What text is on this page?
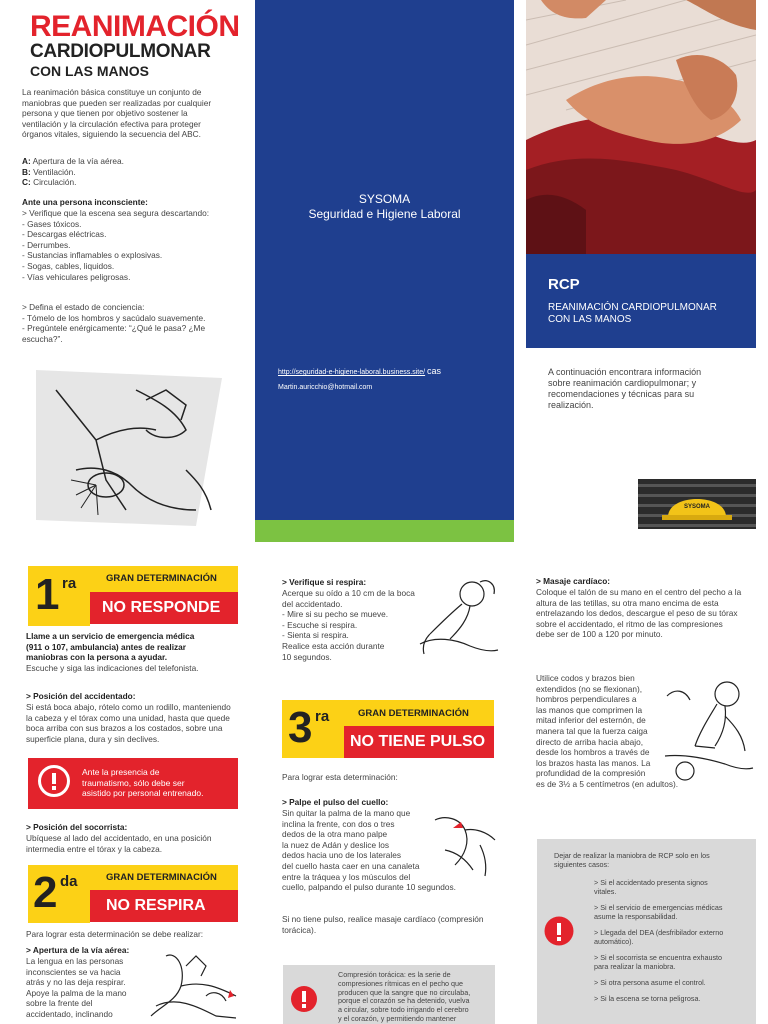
REANIMACIÓN
CARDIOPULMONAR
CON LAS MANOS
La reanimación básica constituye un conjunto de
maniobras que pueden ser realizadas por cualquier
persona y que tienen por objetivo sostener la
ventilación y la circulación efectiva para proteger
órganos vitales, siguiendo la secuencia del ABC.
A: Apertura de la vía aérea.
B: Ventilación.
C: Circulación.
Ante una persona inconsciente:
> Verifique que la escena sea segura descartando:
- Gases tóxicos.
- Descargas eléctricas.
- Derrumbes.
- Sustancias inflamables o explosivas.
- Sogas, cables, liquidos.
- Vías vehiculares peligrosas.
> Defina el estado de conciencia:
- Tómelo de los hombros y sacúdalo suavemente.
- Pregúntele enérgicamente: “¿Qué le pasa? ¿Me
escucha?”.
SYSOMA
Seguridad e Higiene Laboral
http://seguridad-e-higiene-laboral.business.site/ cas
Martin.auricchio@hotmail.com
RCP
REANIMACIÓN CARDIOPULMONAR
CON LAS MANOS
A continuación encontrara información
sobre reanimación cardiopulmonar; y
recomendaciones y técnicas para su
realización.
SYSOMA
1 ra	GRAN DETERMINACIÓN
NO RESPONDE
Llame a un servicio de emergencia médica
(911 o 107, ambulancia) antes de realizar
maniobras con la persona a ayudar.
Escuche y siga las indicaciones del telefonista.
> Posición del accidentado:
Si está boca abajo, rótelo como un rodillo, manteniendo
la cabeza y el tórax como una unidad, hasta que quede
boca arriba con sus brazos a los costados, sobre una
superficie plana, dura y sin declives.
Ante la presencia de
traumatismo, sólo debe ser
asistido por personal entrenado.
> Posición del socorrista:
Ubíquese al lado del accidentado, en una posición
intermedia entre el tórax y la cabeza.
2 da	GRAN DETERMINACIÓN
NO RESPIRA
Para lograr esta determinación se debe realizar:
> Apertura de la vía aérea:
La lengua en las personas
inconscientes se va hacia
atrás y no las deja respirar.
Apoye la palma de la mano
sobre la frente del
accidentado, inclinando
> Verifique si respira:
Acerque su oído a 10 cm de la boca
del accidentado.
- Mire si su pecho se mueve.
- Escuche si respira.
- Sienta si respira.
Realice esta acción durante
10 segundos.
3 ra	GRAN DETERMINACIÓN
NO TIENE PULSO
Para lograr esta determinación:
> Palpe el pulso del cuello:
Sin quitar la palma de la mano que
inclina la frente, con dos o tres
dedos de la otra mano palpe
la nuez de Adán y deslice los
dedos hacia uno de los laterales
del cuello hasta caer en una canaleta
entre la tráquea y los músculos del
cuello, palpando el pulso durante 10 segundos.
Si no tiene pulso, realice masaje cardíaco (compresión
torácica).
Compresión torácica: es la serie de
compresiones rítmicas en el pecho que
producen que la sangre que no circulaba,
porque el corazón se ha detenido, vuelva
a circular, sobre todo irrigando el cerebro
y el corazón, y permitiendo mantener
> Masaje cardíaco:
Coloque el talón de su mano en el centro del pecho a la
altura de las tetillas, su otra mano encima de esta
entrelazando los dedos, descargue el peso de su tórax
sobre el accidentado, el ritmo de las compresiones
debe ser de 100 a 120 por minuto.
Utilice codos y brazos bien
extendidos (no se flexionan),
hombros perpendiculares a
las manos que comprimen la
mitad inferior del esternón, de
manera tal que la fuerza caiga
directo de arriba hacia abajo,
desde los hombros a través de
los brazos hasta las manos. La
profundidad de la compresión
es de 3½ a 5 centímetros (en adultos).
Dejar de realizar la maniobra de RCP solo en los
siguientes casos:
> Si el accidentado presenta signos
vitales.
> Si el servicio de emergencias médicas
asume la responsabilidad.
> Llegada del DEA (desfribilador externo
automático).
> Si el socorrista se encuentra exhausto
para realizar la maniobra.
> Si otra persona asume el control.
> Si la escena se torna peligrosa.
